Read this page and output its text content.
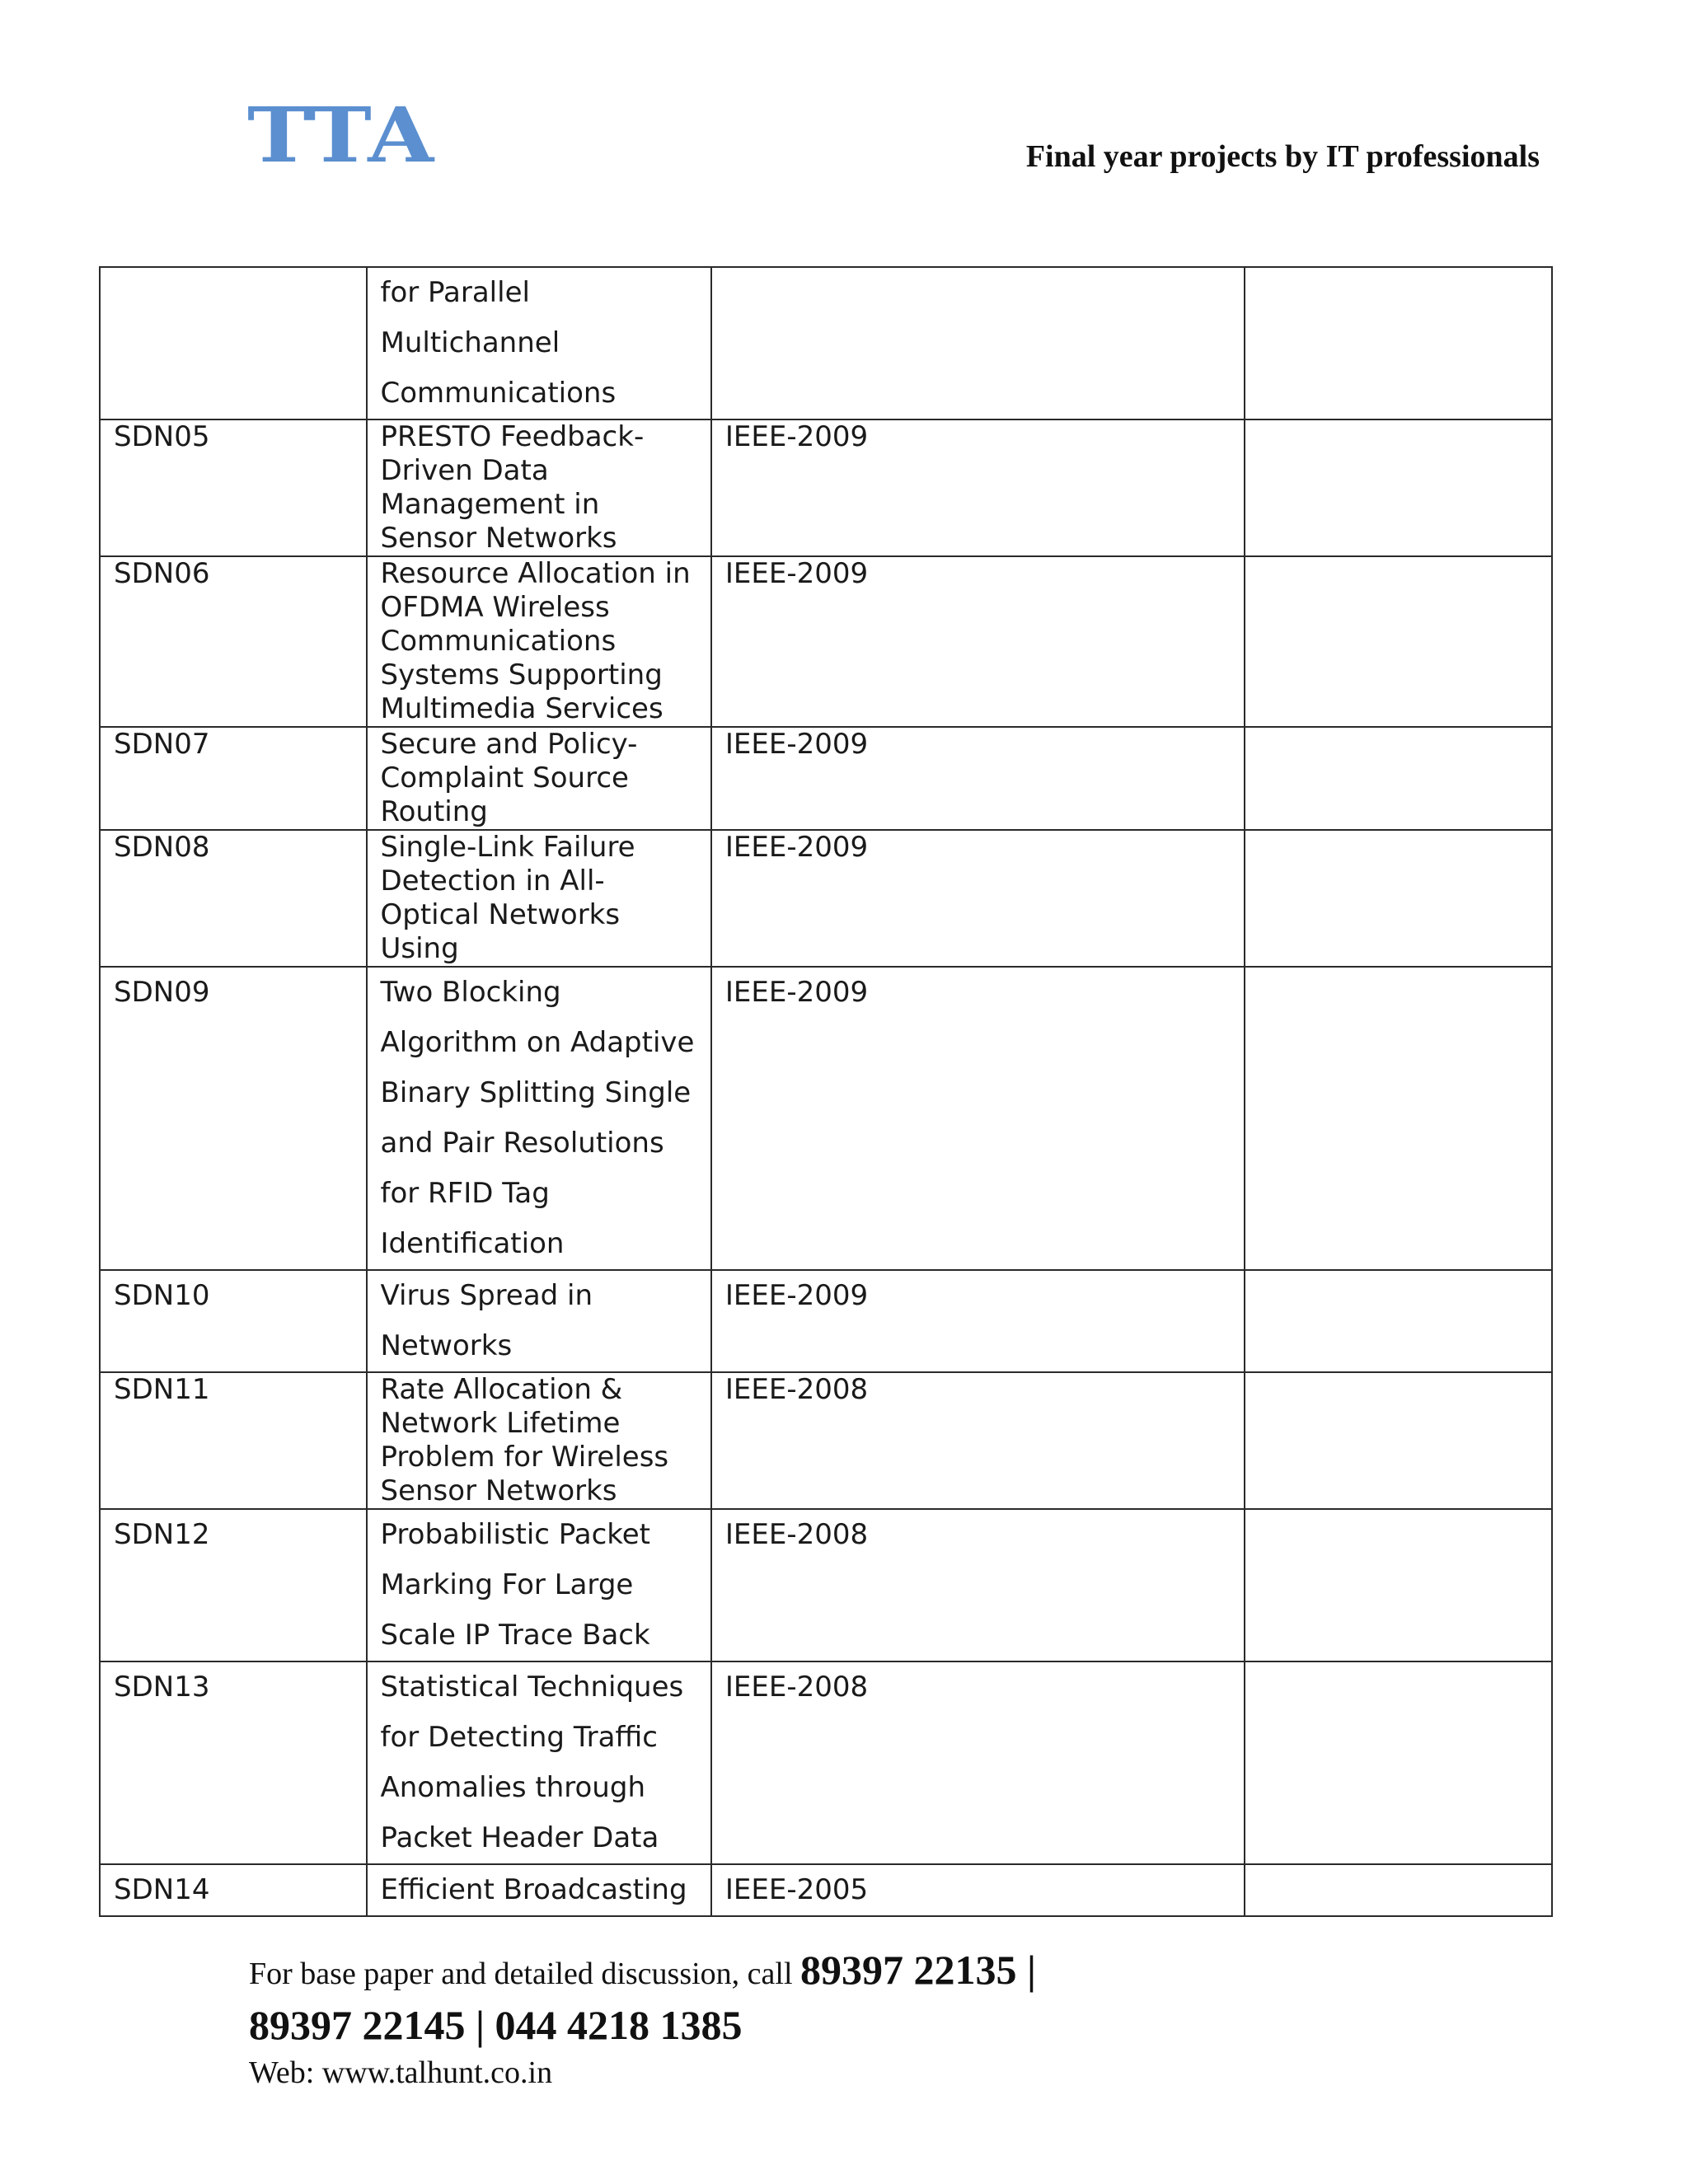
TTA	Final year projects by IT professionals
	for Parallel Multichannel Communications		
SDN05	PRESTO Feedback-Driven Data Management in Sensor Networks	IEEE-2009	
SDN06	Resource Allocation in OFDMA Wireless Communications Systems Supporting Multimedia Services	IEEE-2009	
SDN07	Secure and Policy-Complaint Source Routing	IEEE-2009	
SDN08	Single-Link Failure Detection in All-Optical Networks Using	IEEE-2009	
SDN09	Two Blocking Algorithm on Adaptive Binary Splitting Single and Pair Resolutions for RFID Tag Identification	IEEE-2009	
SDN10	Virus Spread in Networks	IEEE-2009	
SDN11	Rate Allocation & Network Lifetime Problem for Wireless Sensor Networks	IEEE-2008	
SDN12	Probabilistic Packet Marking For Large Scale IP Trace Back	IEEE-2008	
SDN13	Statistical Techniques for Detecting Traffic Anomalies through Packet Header Data	IEEE-2008	
SDN14	Efficient Broadcasting	IEEE-2005	
For base paper and detailed discussion, call 89397 22135 |
89397 22145 | 044 4218 1385
Web: www.talhunt.co.in
